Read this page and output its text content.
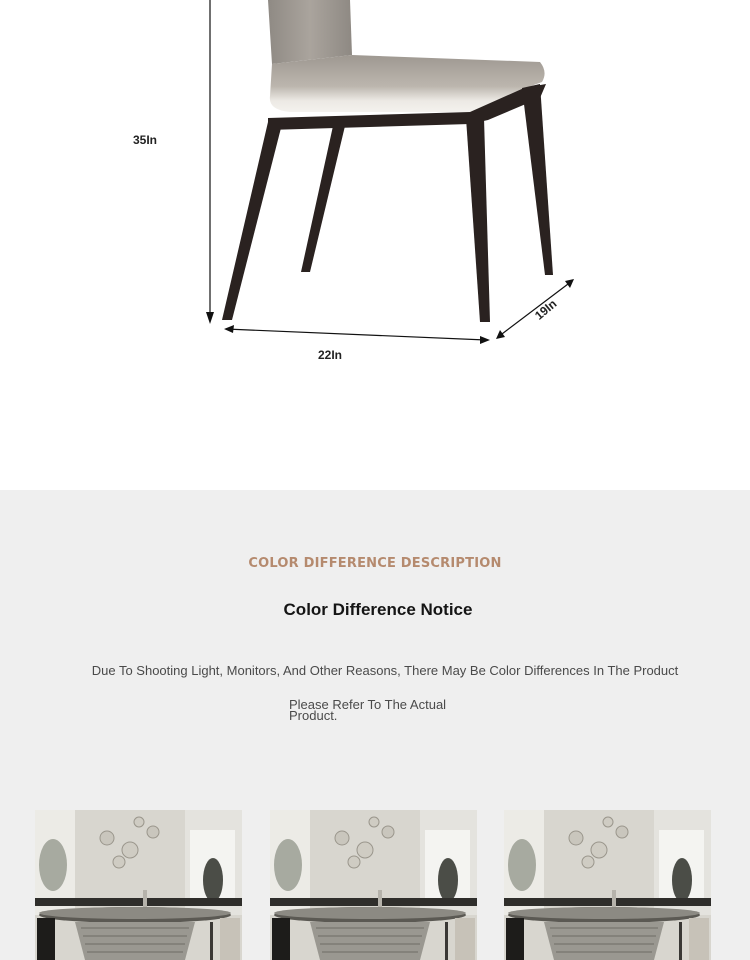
35In
22In
19In
COLOR DIFFERENCE DESCRIPTION
Color Difference Notice
Due To Shooting Light, Monitors, And Other Reasons, There May Be Color Differences In The Product
Please Refer To The Actual Product.
